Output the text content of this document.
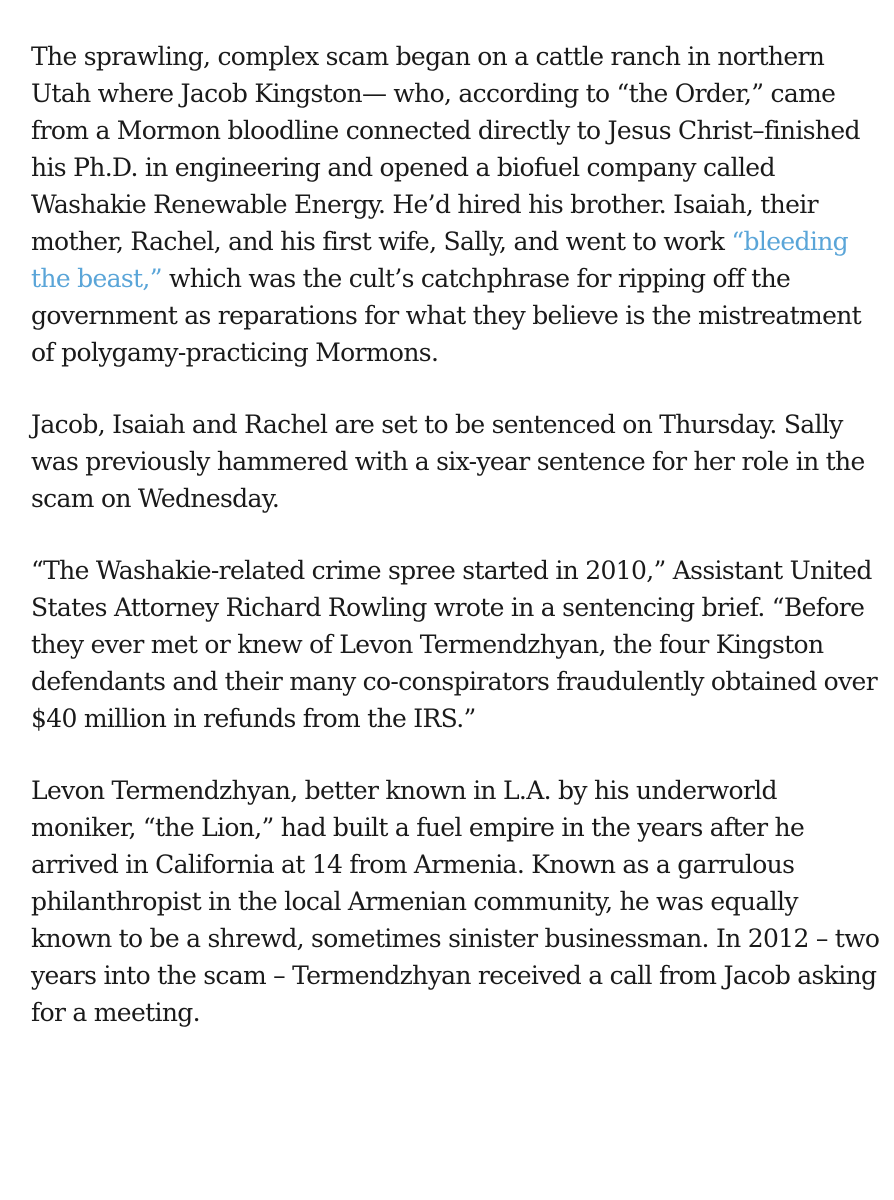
The sprawling, complex scam began on a cattle ranch in northern Utah where Jacob Kingston— who, according to “the Order,” came from a Mormon bloodline connected directly to Jesus Christ–finished his Ph.D. in engineering and opened a biofuel company called Washakie Renewable Energy. He’d hired his brother. Isaiah, their mother, Rachel, and his first wife, Sally, and went to work “bleeding the beast,” which was the cult’s catchphrase for ripping off the government as reparations for what they believe is the mistreatment of polygamy-practicing Mormons.

Jacob, Isaiah and Rachel are set to be sentenced on Thursday. Sally was previously hammered with a six-year sentence for her role in the scam on Wednesday.

“The Washakie-related crime spree started in 2010,” Assistant United States Attorney Richard Rowling wrote in a sentencing brief. “Before they ever met or knew of Levon Termendzhyan, the four Kingston defendants and their many co-conspirators fraudulently obtained over $40 million in refunds from the IRS.”

Levon Termendzhyan, better known in L.A. by his underworld moniker, “the Lion,” had built a fuel empire in the years after he arrived in California at 14 from Armenia. Known as a garrulous philanthropist in the local Armenian community, he was equally known to be a shrewd, sometimes sinister businessman. In 2012 – two years into the scam – Termendzhyan received a call from Jacob asking for a meeting.
